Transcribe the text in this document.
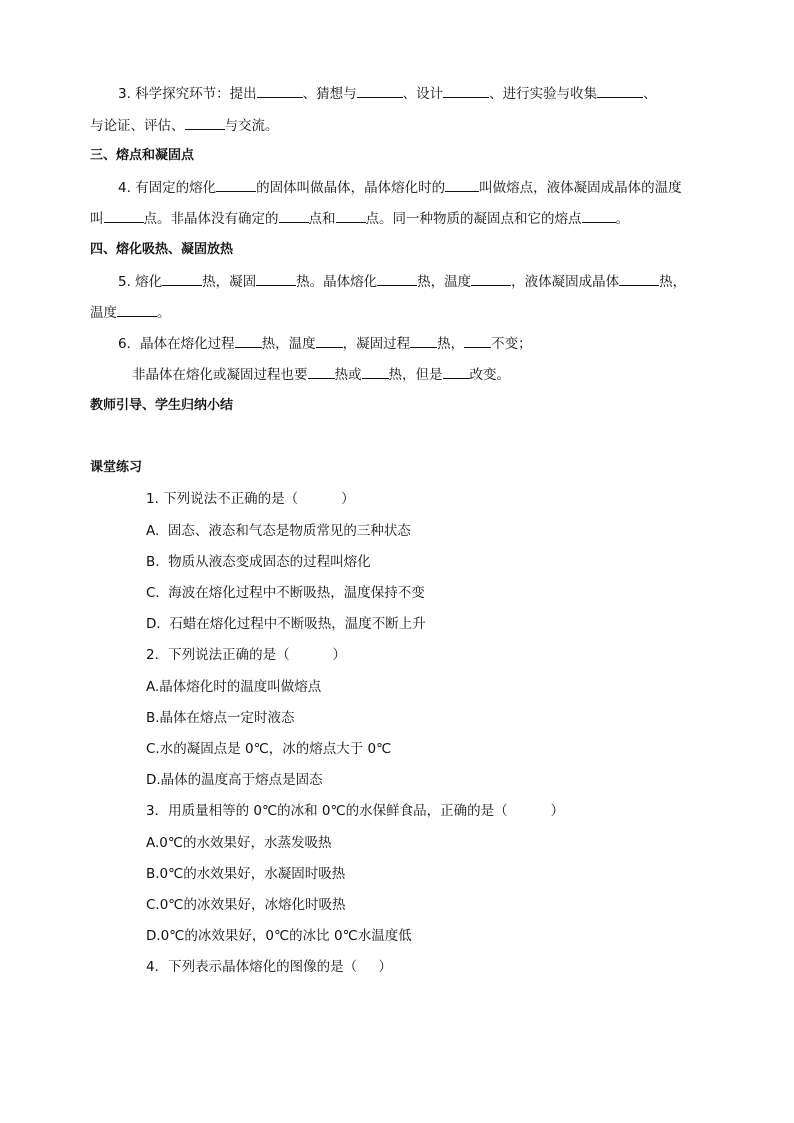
3. 科学探究环节：提出	、猜想与	、设计	、进行实验与收集	、
与论证、评估、	与交流。
三、熔点和凝固点
4. 有固定的熔化	的固体叫做晶体，晶体熔化时的	叫做熔点，液体凝固成晶体的温度
叫	点。非晶体没有确定的 点和 点。同一种物质的凝固点和它的熔点	。
四、熔化吸热、凝固放热
5. 熔化	热，凝固	热。晶体熔化	热，温度	，液体凝固成晶体	热，
温度	。
6．晶体在熔化过程 热，温度 ，凝固过程 热， 不变；
非晶体在熔化或凝固过程也要 热或 热，但是 改变。
教师引导、学生归纳小结
课堂练习
1. 下列说法不正确的是（          ）
A.  固态、液态和气态是物质常见的三种状态
B.  物质从液态变成固态的过程叫熔化
C.  海波在熔化过程中不断吸热，温度保持不变
D.  石蜡在熔化过程中不断吸热，温度不断上升
2．下列说法正确的是（          ）
A.晶体熔化时的温度叫做熔点
B.晶体在熔点一定时液态
C.水的凝固点是 0℃，冰的熔点大于 0℃
D.晶体的温度高于熔点是固态
3．用质量相等的 0℃的冰和 0℃的水保鲜食品，正确的是（          ）
A.0℃的水效果好，水蒸发吸热
B.0℃的水效果好，水凝固时吸热
C.0℃的冰效果好，冰熔化时吸热
D.0℃的冰效果好，0℃的冰比 0℃水温度低
4．下列表示晶体熔化的图像的是（     ）
